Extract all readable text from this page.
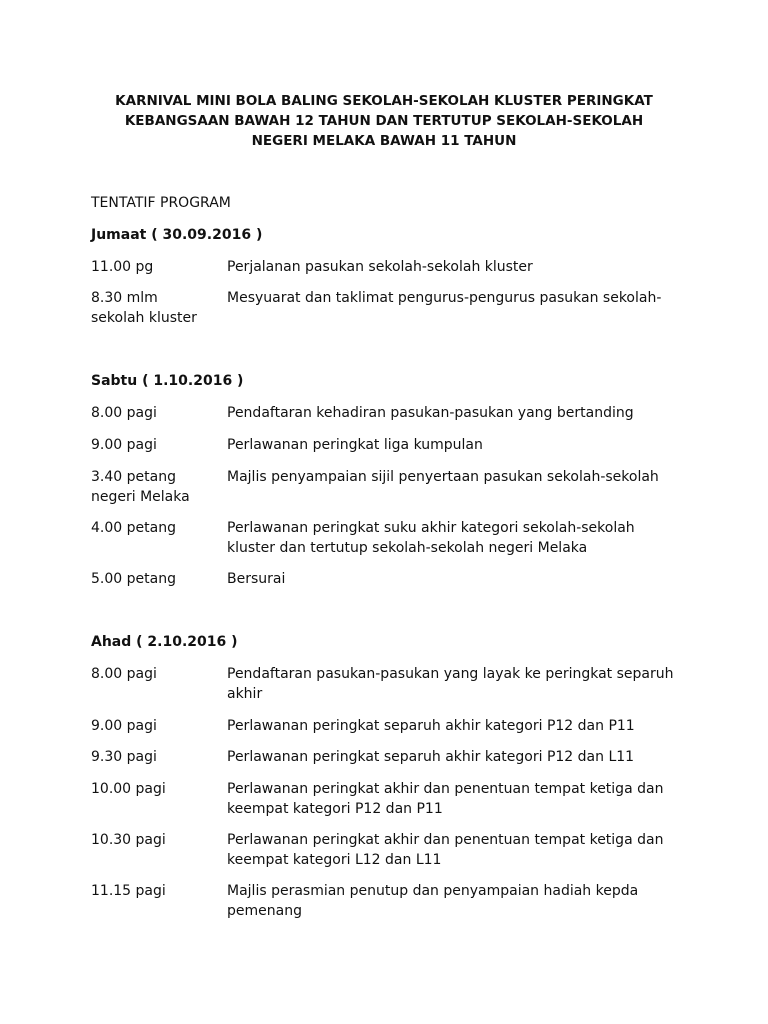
KARNIVAL MINI BOLA BALING SEKOLAH-SEKOLAH KLUSTER PERINGKAT
KEBANGSAAN BAWAH 12 TAHUN DAN TERTUTUP SEKOLAH-SEKOLAH
NEGERI MELAKA BAWAH 11 TAHUN

TENTATIF PROGRAM

Jumaat ( 30.09.2016 )

11.00 pg	Perjalanan pasukan sekolah-sekolah kluster
8.30 mlm	Mesyuarat dan taklimat pengurus-pengurus pasukan sekolah-
sekolah kluster

Sabtu ( 1.10.2016 )

8.00 pagi	Pendaftaran kehadiran pasukan-pasukan yang bertanding
9.00 pagi	Perlawanan peringkat liga kumpulan
3.40 petang	Majlis penyampaian sijil penyertaan pasukan sekolah-sekolah
negeri Melaka
4.00 petang	Perlawanan peringkat suku akhir kategori sekolah-sekolah
kluster dan tertutup sekolah-sekolah negeri Melaka
5.00 petang	Bersurai

Ahad ( 2.10.2016 )

8.00 pagi	Pendaftaran pasukan-pasukan yang layak ke peringkat separuh
akhir
9.00 pagi	Perlawanan peringkat separuh akhir kategori P12 dan P11
9.30 pagi	Perlawanan peringkat separuh akhir kategori P12 dan L11
10.00 pagi	Perlawanan peringkat akhir dan penentuan tempat ketiga dan
keempat kategori P12 dan P11
10.30 pagi	Perlawanan peringkat akhir dan penentuan tempat ketiga dan
keempat kategori L12 dan L11
11.15 pagi	Majlis perasmian penutup dan penyampaian hadiah kepda
pemenang
